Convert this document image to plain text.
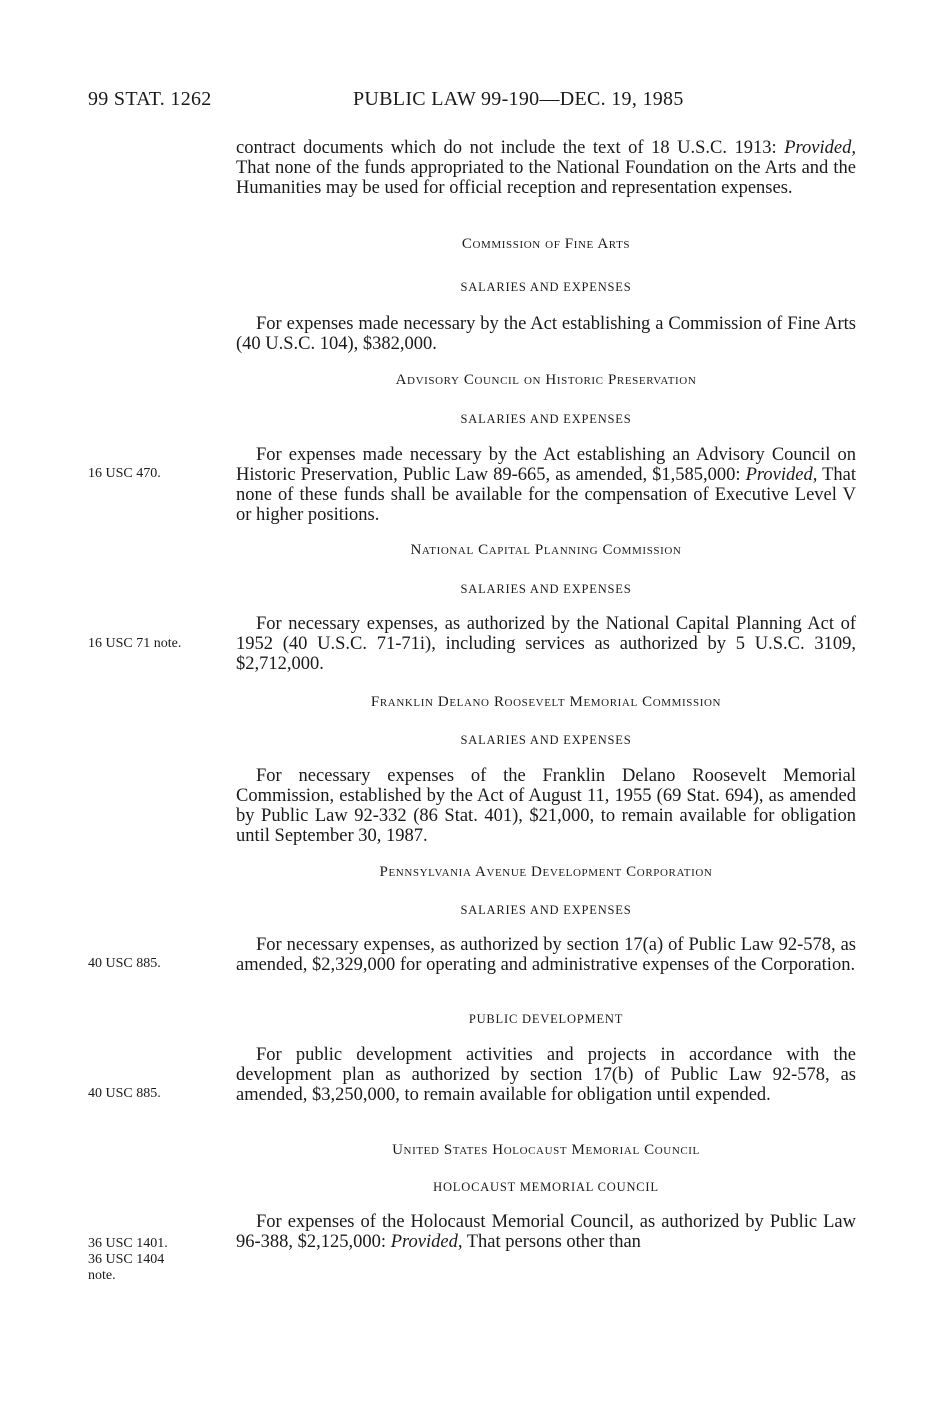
99 STAT. 1262	PUBLIC LAW 99-190—DEC. 19, 1985
contract documents which do not include the text of 18 U.S.C. 1913: Provided, That none of the funds appropriated to the National Foundation on the Arts and the Humanities may be used for official reception and representation expenses.
Commission of Fine Arts
SALARIES AND EXPENSES
For expenses made necessary by the Act establishing a Commission of Fine Arts (40 U.S.C. 104), $382,000.
Advisory Council on Historic Preservation
SALARIES AND EXPENSES
16 USC 470.
For expenses made necessary by the Act establishing an Advisory Council on Historic Preservation, Public Law 89-665, as amended, $1,585,000: Provided, That none of these funds shall be available for the compensation of Executive Level V or higher positions.
National Capital Planning Commission
SALARIES AND EXPENSES
16 USC 71 note.
For necessary expenses, as authorized by the National Capital Planning Act of 1952 (40 U.S.C. 71-71i), including services as authorized by 5 U.S.C. 3109, $2,712,000.
Franklin Delano Roosevelt Memorial Commission
SALARIES AND EXPENSES
For necessary expenses of the Franklin Delano Roosevelt Memorial Commission, established by the Act of August 11, 1955 (69 Stat. 694), as amended by Public Law 92-332 (86 Stat. 401), $21,000, to remain available for obligation until September 30, 1987.
Pennsylvania Avenue Development Corporation
SALARIES AND EXPENSES
40 USC 885.
For necessary expenses, as authorized by section 17(a) of Public Law 92-578, as amended, $2,329,000 for operating and administrative expenses of the Corporation.
PUBLIC DEVELOPMENT
40 USC 885.
For public development activities and projects in accordance with the development plan as authorized by section 17(b) of Public Law 92-578, as amended, $3,250,000, to remain available for obligation until expended.
United States Holocaust Memorial Council
HOLOCAUST MEMORIAL COUNCIL
36 USC 1401.
36 USC 1404
note.
For expenses of the Holocaust Memorial Council, as authorized by Public Law 96-388, $2,125,000: Provided, That persons other than
